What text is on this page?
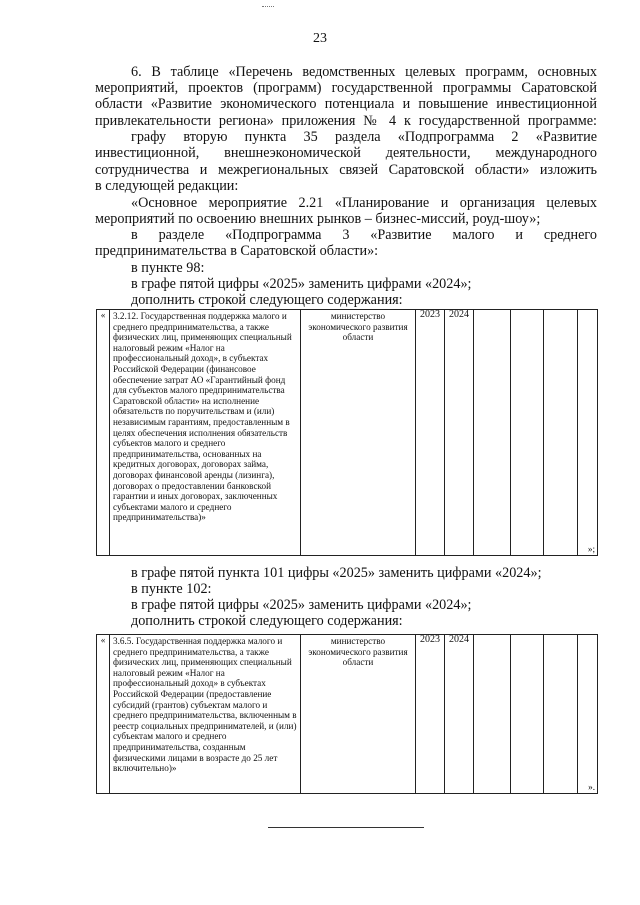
23
6. В таблице «Перечень ведомственных целевых программ, основных
мероприятий, проектов (программ) государственной программы Саратовской
области «Развитие экономического потенциала и повышение инвестиционной
привлекательности региона» приложения № 4 к государственной программе:
графу вторую пункта 35 раздела «Подпрограмма 2 «Развитие
инвестиционной, внешнеэкономической деятельности, международного
сотрудничества и межрегиональных связей Саратовской области» изложить
в следующей редакции:
«Основное мероприятие 2.21 «Планирование и организация целевых
мероприятий по освоению внешних рынков – бизнес-миссий, роуд-шоу»;
в разделе «Подпрограмма 3 «Развитие малого и среднего
предпринимательства в Саратовской области»:
в пункте 98:
в графе пятой цифры «2025» заменить цифрами «2024»;
дополнить строкой следующего содержания:
«	3.2.12. Государственная поддержка малого и среднего предпринимательства, а также физических лиц, применяющих специальный налоговый режим «Налог на профессиональный доход», в субъектах Российской Федерации (финансовое обеспечение затрат АО «Гарантийный фонд для субъектов малого предпринимательства Саратовской области» на исполнение обязательств по поручительствам и (или) независимым гарантиям, предоставленным в целях обеспечения исполнения обязательств субъектов малого и среднего предпринимательства, основанных на кредитных договорах, договорах займа, договорах финансовой аренды (лизинга), договорах о предоставлении банковской гарантии и иных договорах, заключенных субъектами малого и среднего предпринимательства)»	министерство экономического развития области	2023	2024				»;
в графе пятой пункта 101 цифры «2025» заменить цифрами «2024»;
в пункте 102:
в графе пятой цифры «2025» заменить цифрами «2024»;
дополнить строкой следующего содержания:
«	3.6.5. Государственная поддержка малого и среднего предпринимательства, а также физических лиц, применяющих специальный налоговый режим «Налог на профессиональный доход» в субъектах Российской Федерации (предоставление субсидий (грантов) субъектам малого и среднего предпринимательства, включенным в реестр социальных предпринимателей, и (или) субъектам малого и среднего предпринимательства, созданным физическими лицами в возрасте до 25 лет включительно)»	министерство экономического развития области	2023	2024				».
